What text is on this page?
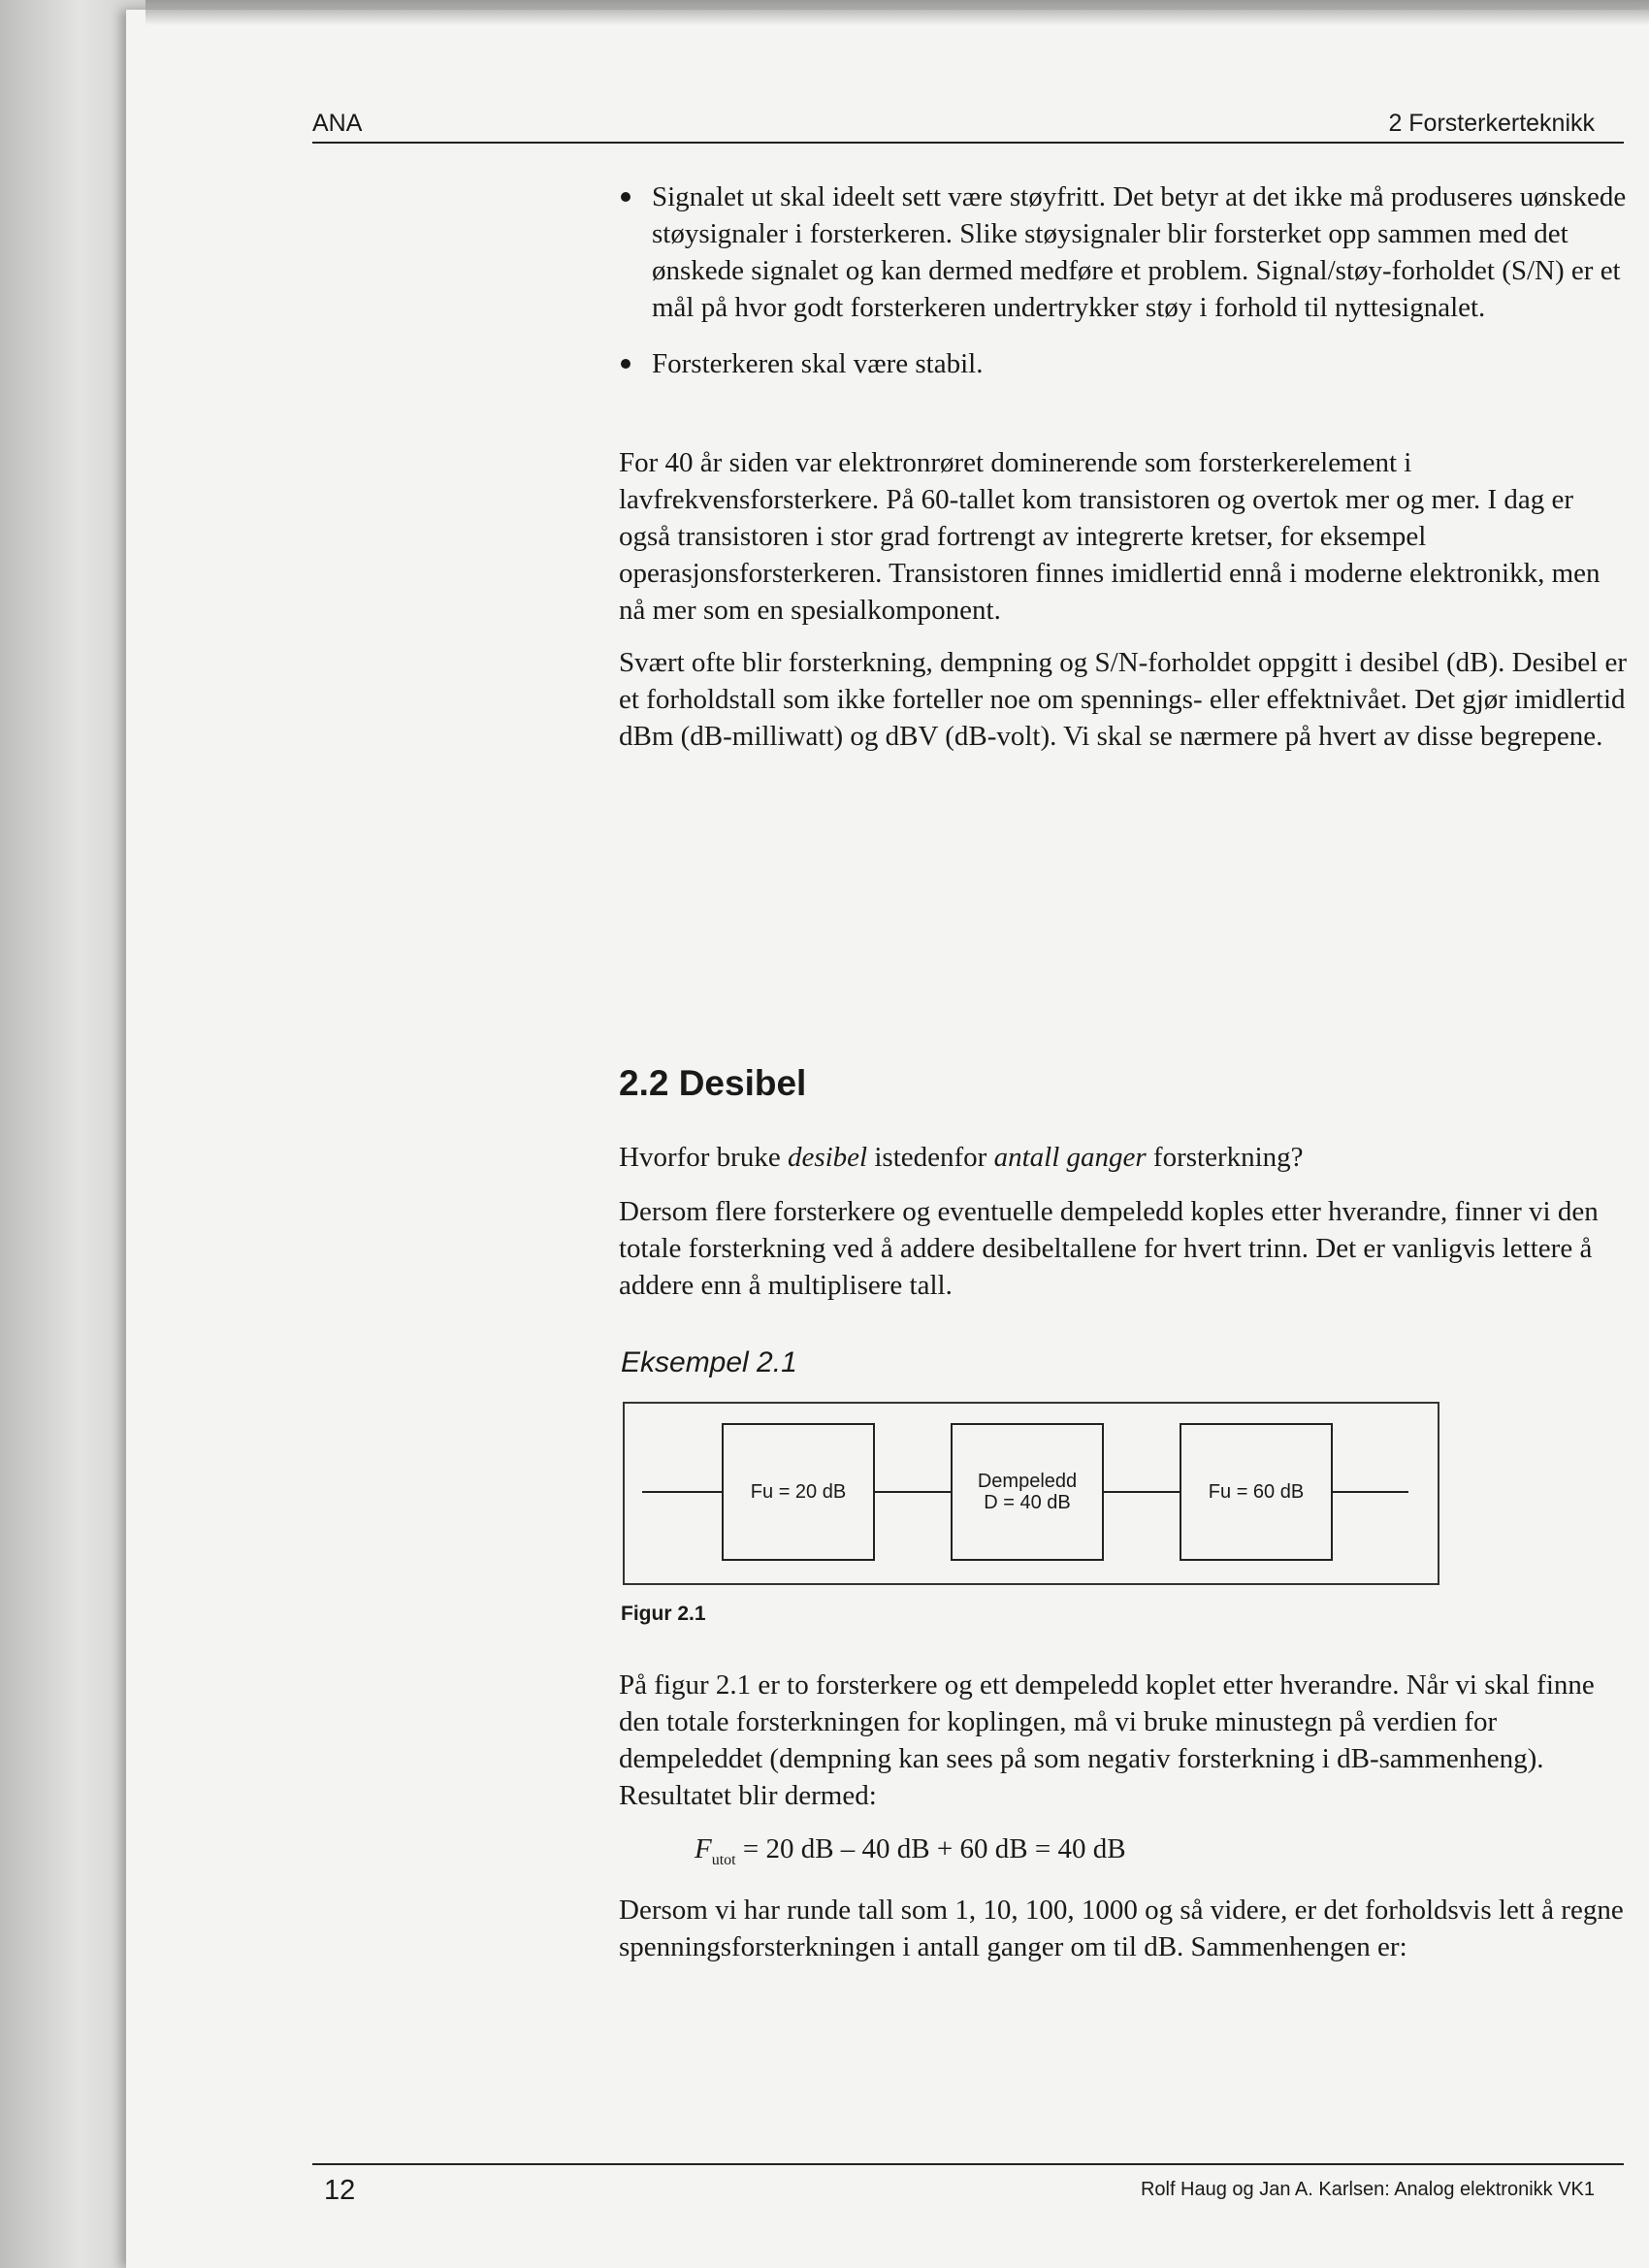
ANA	2 Forsterkerteknikk
Signalet ut skal ideelt sett være støyfritt. Det betyr at det ikke må produseres uønskede støysignaler i forsterkeren. Slike støysignaler blir forsterket opp sammen med det ønskede signalet og kan dermed medføre et problem. Signal/støy-forholdet (S/N) er et mål på hvor godt forsterkeren undertrykker støy i forhold til nyttesignalet.
Forsterkeren skal være stabil.

For 40 år siden var elektronrøret dominerende som forsterkerelement i lavfrekvensforsterkere. På 60-tallet kom transistoren og overtok mer og mer. I dag er også transistoren i stor grad fortrengt av integrerte kretser, for eksempel operasjonsforsterkeren. Transistoren finnes imidlertid ennå i moderne elektronikk, men nå mer som en spesialkomponent.

Svært ofte blir forsterkning, dempning og S/N-forholdet oppgitt i desibel (dB). Desibel er et forholdstall som ikke forteller noe om spennings- eller effektnivået. Det gjør imidlertid dBm (dB-milliwatt) og dBV (dB-volt). Vi skal se nærmere på hvert av disse begrepene.

2.2 Desibel

Hvorfor bruke desibel istedenfor antall ganger forsterkning?

Dersom flere forsterkere og eventuelle dempeledd koples etter hverandre, finner vi den totale forsterkning ved å addere desibeltallene for hvert trinn. Det er vanligvis lettere å addere enn å multiplisere tall.
Eksempel 2.1
Fu = 20 dB	Dempeledd
D = 40 dB	Fu = 60 dB
Figur 2.1
På figur 2.1 er to forsterkere og ett dempeledd koplet etter hverandre. Når vi skal finne den totale forsterkningen for koplingen, må vi bruke minustegn på verdien for dempeleddet (dempning kan sees på som negativ forsterkning i dB-sammenheng). Resultatet blir dermed:
$F_{utot} = 20$ dB – 40 dB + 60 dB = 40 dB
Dersom vi har runde tall som 1, 10, 100, 1000 og så videre, er det forholdsvis lett å regne spenningsforsterkningen i antall ganger om til dB. Sammenhengen er:
12	Rolf Haug og Jan A. Karlsen: Analog elektronikk VK1
